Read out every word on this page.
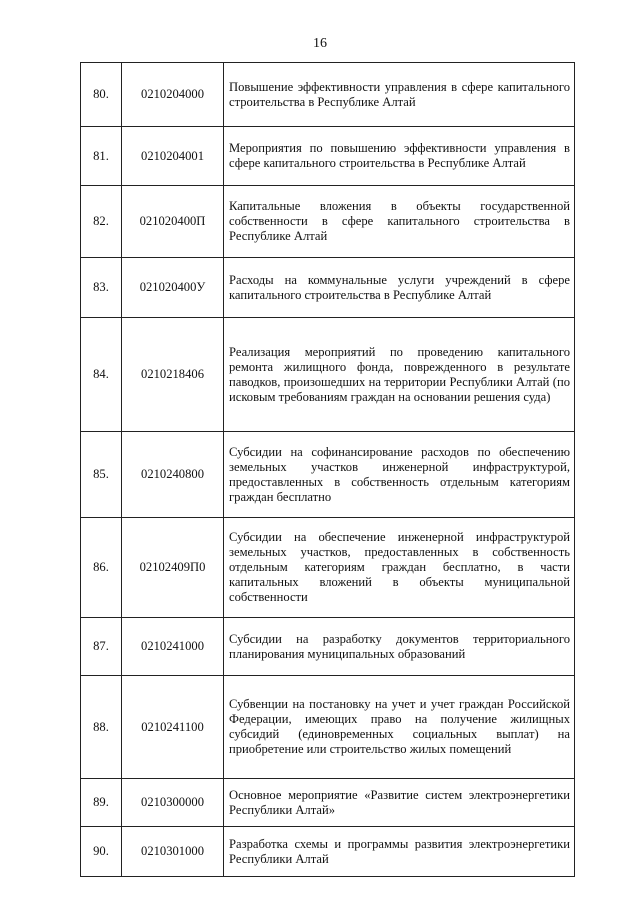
16
80.	0210204000	Повышение эффективности управления в сфере капитального строительства в Республике Алтай
81.	0210204001	Мероприятия по повышению эффективности управления в сфере капитального строительства в Республике Алтай
82.	021020400П	Капитальные вложения в объекты государственной собственности в сфере капитального строительства в Республике Алтай
83.	021020400У	Расходы на коммунальные услуги учреждений в сфере капитального строительства в Республике Алтай
84.	0210218406	Реализация мероприятий по проведению капитального ремонта жилищного фонда, поврежденного в результате паводков, произошедших на территории Республики Алтай (по исковым требованиям граждан на основании решения суда)
85.	0210240800	Субсидии на софинансирование расходов по обеспечению земельных участков инженерной инфраструктурой, предоставленных в собственность отдельным категориям граждан бесплатно
86.	02102409П0	Субсидии на обеспечение инженерной инфраструктурой земельных участков, предоставленных в собственность отдельным категориям граждан бесплатно, в части капитальных вложений в объекты муниципальной собственности
87.	0210241000	Субсидии на разработку документов территориального планирования муниципальных образований
88.	0210241100	Субвенции на постановку на учет и учет граждан Российской Федерации, имеющих право на получение жилищных субсидий (единовременных социальных выплат) на приобретение или строительство жилых помещений
89.	0210300000	Основное мероприятие «Развитие систем электроэнергетики Республики Алтай»
90.	0210301000	Разработка схемы и программы развития электроэнергетики Республики Алтай
